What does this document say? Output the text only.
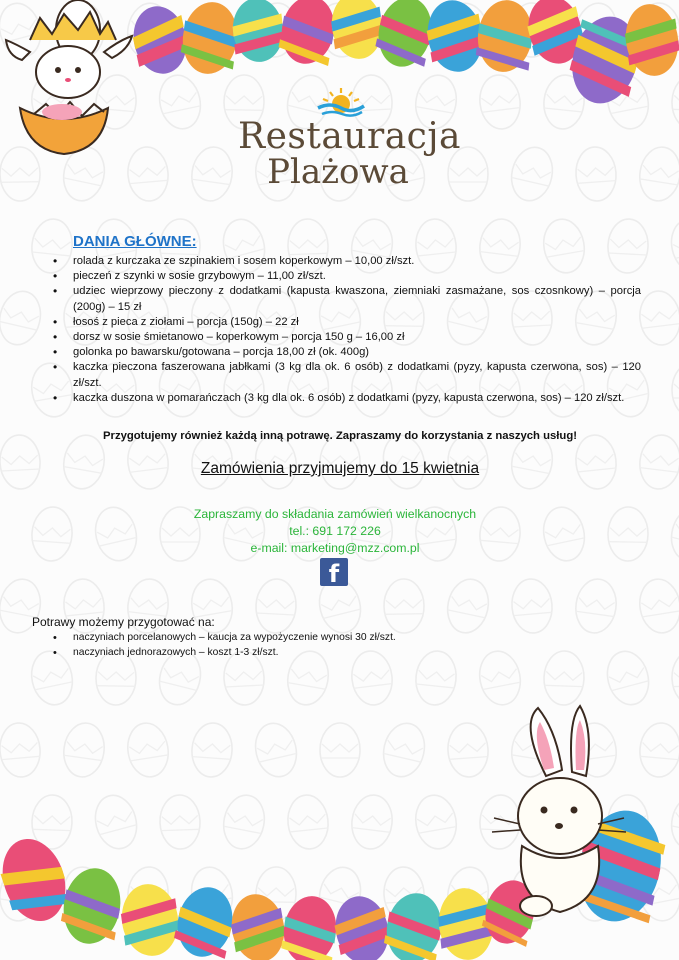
Restauracja
Plażowa
DANIA GŁÓWNE:
• rolada z kurczaka ze szpinakiem i sosem koperkowym – 10,00 zł/szt.
• pieczeń z szynki w sosie grzybowym – 11,00 zł/szt.
• udziec wieprzowy pieczony z dodatkami (kapusta kwaszona, ziemniaki zasmażane, sos czosnkowy) – porcja (200g) – 15 zł
• łosoś z pieca z ziołami – porcja (150g) – 22 zł
• dorsz w sosie śmietanowo – koperkowym – porcja 150 g – 16,00 zł
• golonka po bawarsku/gotowana – porcja 18,00 zł (ok. 400g)
• kaczka pieczona faszerowana jabłkami (3 kg dla ok. 6 osób) z dodatkami (pyzy, kapusta czerwona, sos) – 120 zł/szt.
• kaczka duszona w pomarańczach (3 kg dla ok. 6 osób) z dodatkami (pyzy, kapusta czerwona, sos) – 120 zł/szt.
Przygotujemy również każdą inną potrawę. Zapraszamy do korzystania z naszych usług!
Zamówienia przyjmujemy do 15 kwietnia
Zapraszamy do składania zamówień wielkanocnych
tel.: 691 172 226
e-mail: marketing@mzz.com.pl
f
Potrawy możemy przygotować na:
• naczyniach porcelanowych – kaucja za wypożyczenie wynosi 30 zł/szt.
• naczyniach jednorazowych – koszt 1-3 zł/szt.
